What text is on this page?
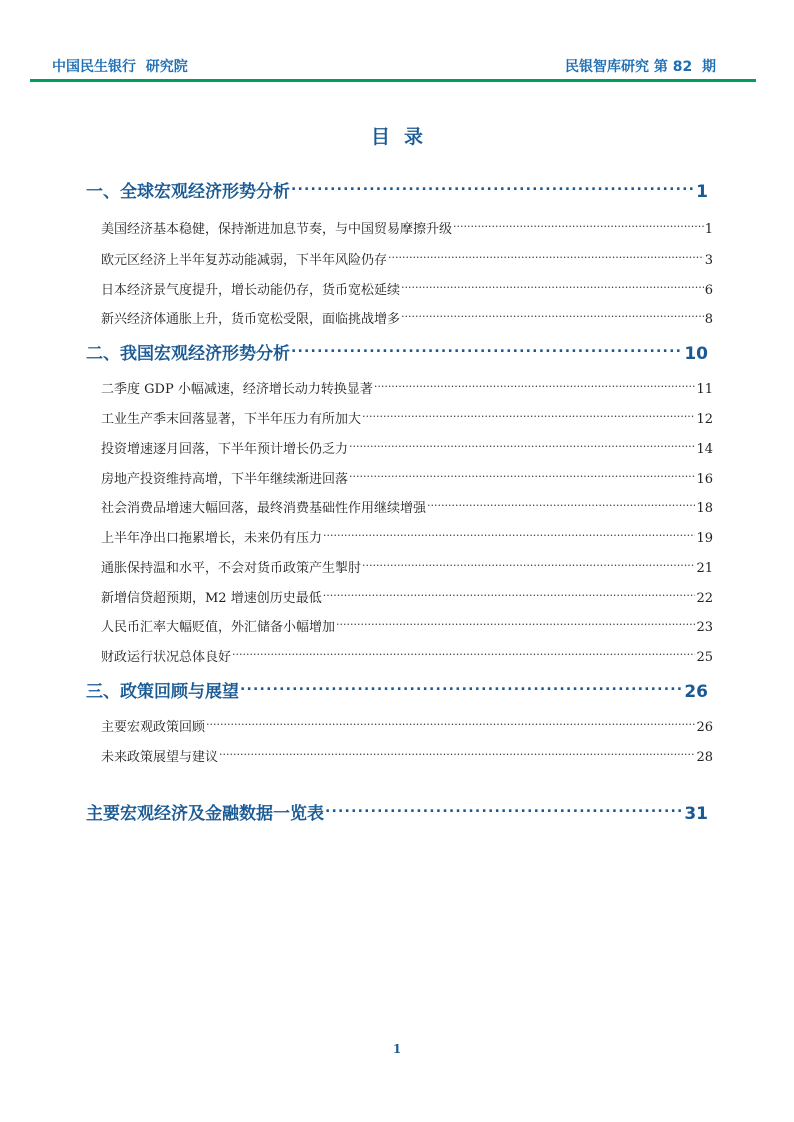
中国民生银行  研究院	民银智库研究 第 82  期
目录
一、全球宏观经济形势分析 .....	1
美国经济基本稳健，保持渐进加息节奏，与中国贸易摩擦升级 .....	1
欧元区经济上半年复苏动能减弱，下半年风险仍存 .....	3
日本经济景气度提升，增长动能仍存，货币宽松延续 .....	6
新兴经济体通胀上升，货币宽松受限，面临挑战增多 .....	8
二、我国宏观经济形势分析 .....	10
二季度 GDP 小幅减速，经济增长动力转换显著 .....	11
工业生产季末回落显著，下半年压力有所加大 .....	12
投资增速逐月回落，下半年预计增长仍乏力 .....	14
房地产投资维持高增，下半年继续渐进回落 .....	16
社会消费品增速大幅回落，最终消费基础性作用继续增强 .....	18
上半年净出口拖累增长，未来仍有压力 .....	19
通胀保持温和水平，不会对货币政策产生掣肘 .....	21
新增信贷超预期，M2 增速创历史最低 .....	22
人民币汇率大幅贬值，外汇储备小幅增加 .....	23
财政运行状况总体良好 .....	25
三、政策回顾与展望 .....	26
主要宏观政策回顾 .....	26
未来政策展望与建议 .....	28
主要宏观经济及金融数据一览表 .....	31
1
